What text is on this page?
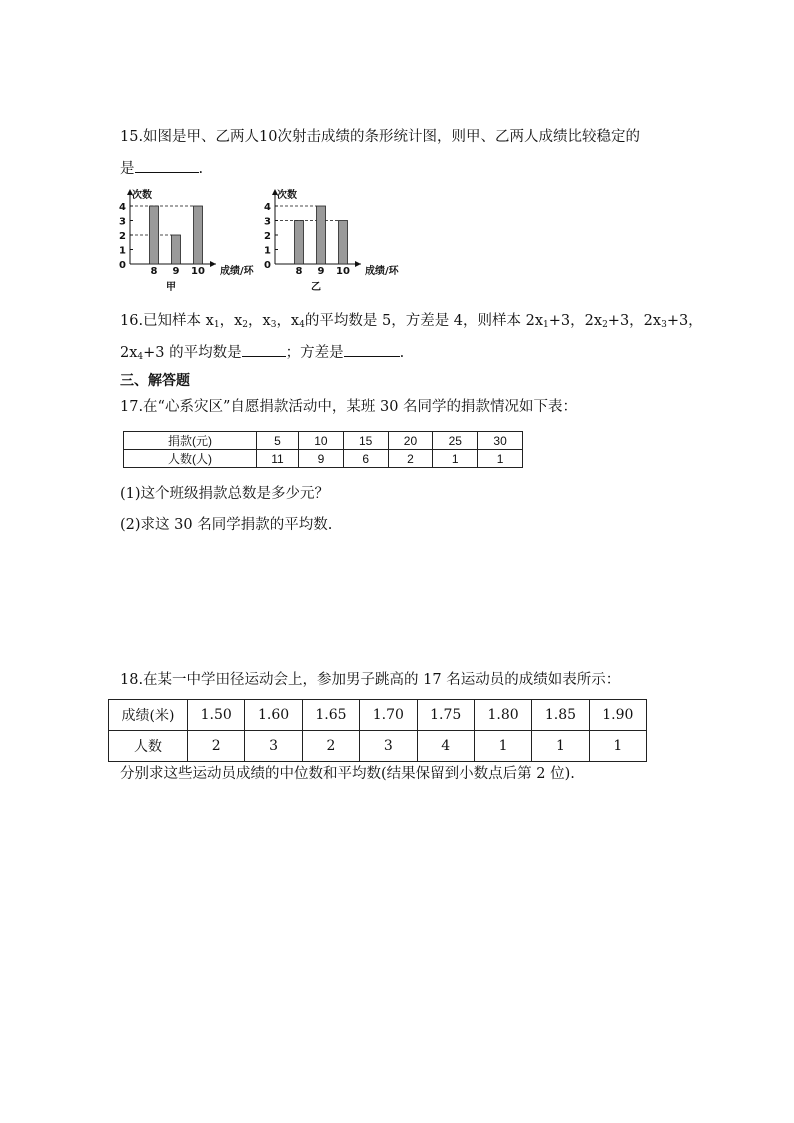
15.如图是甲、乙两人10次射击成绩的条形统计图，则甲、乙两人成绩比较稳定的
是	.
次数
成绩/环
0
1
2
3
4
8 9 10
甲
次数
成绩/环
0
1
2
3
4
8 9 10
乙
16.已知样本 $x_1$，$x_2$，$x_3$，$x_4$的平均数是 5，方差是 4，则样本 $2x_1+3$，$2x_2+3$，$2x_3+3$，
$2x_4+3$ 的平均数是	；方差是	.
三、解答题
17.在“心系灾区”自愿捐款活动中，某班 30 名同学的捐款情况如下表：
捐款(元)	5	10	15	20	25	30
人数(人)	11	9	6	2	1	1
(1)这个班级捐款总数是多少元？
(2)求这 30 名同学捐款的平均数.
18.在某一中学田径运动会上，参加男子跳高的 17 名运动员的成绩如表所示：
成绩(米)	1.50	1.60	1.65	1.70	1.75	1.80	1.85	1.90
人数	2	3	2	3	4	1	1	1
分别求这些运动员成绩的中位数和平均数(结果保留到小数点后第 2 位).
